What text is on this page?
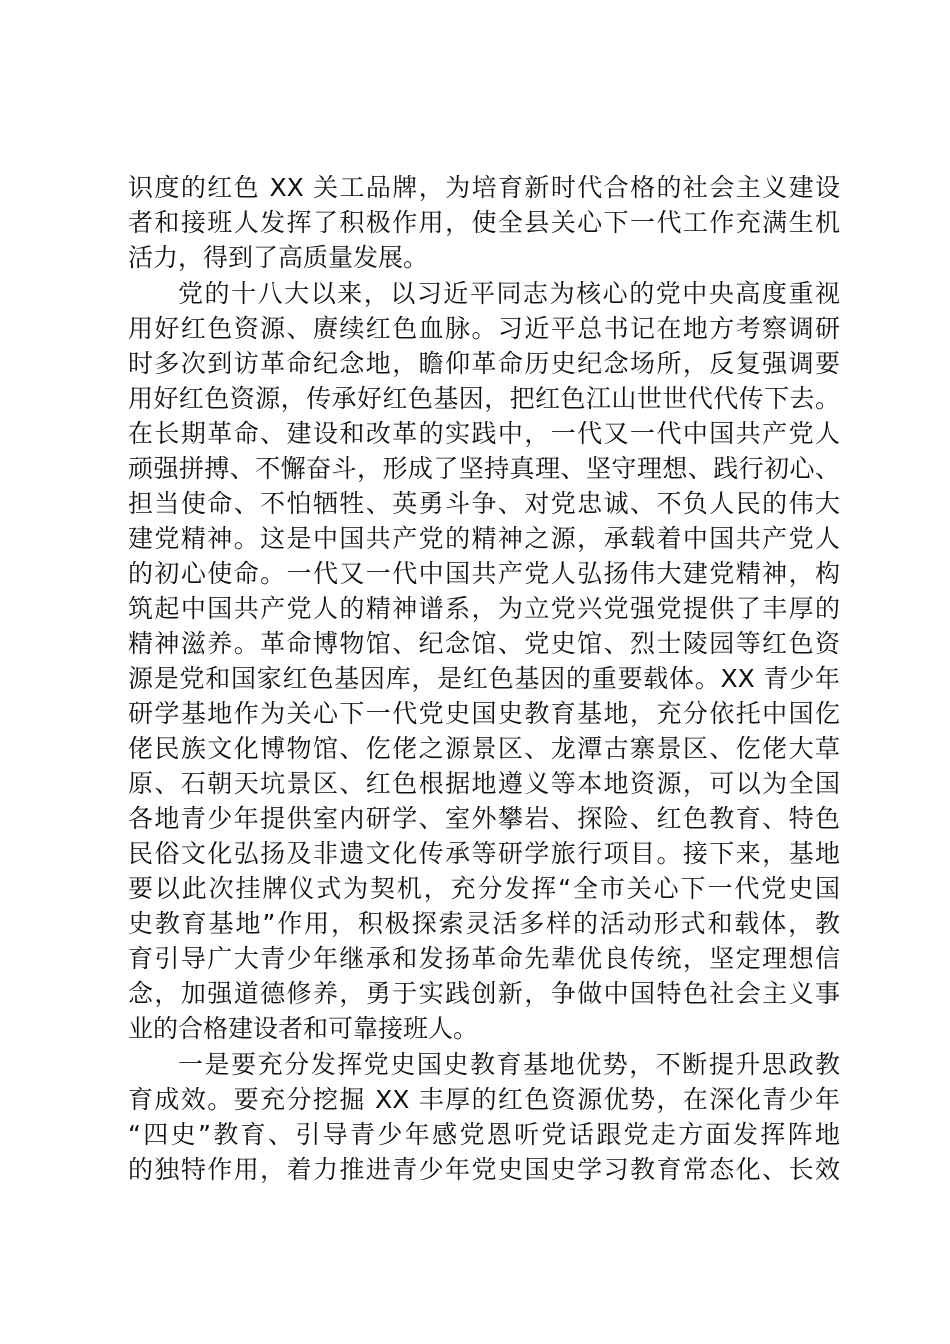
识度的红色 XX 关工品牌，为培育新时代合格的社会主义建设
者和接班人发挥了积极作用，使全县关心下一代工作充满生机
活力，得到了高质量发展。
党的十八大以来，以习近平同志为核心的党中央高度重视
用好红色资源、赓续红色血脉。习近平总书记在地方考察调研
时多次到访革命纪念地，瞻仰革命历史纪念场所，反复强调要
用好红色资源，传承好红色基因，把红色江山世世代代传下去。
在长期革命、建设和改革的实践中，一代又一代中国共产党人
顽强拼搏、不懈奋斗，形成了坚持真理、坚守理想、践行初心、
担当使命、不怕牺牲、英勇斗争、对党忠诚、不负人民的伟大
建党精神。这是中国共产党的精神之源，承载着中国共产党人
的初心使命。一代又一代中国共产党人弘扬伟大建党精神，构
筑起中国共产党人的精神谱系，为立党兴党强党提供了丰厚的
精神滋养。革命博物馆、纪念馆、党史馆、烈士陵园等红色资
源是党和国家红色基因库，是红色基因的重要载体。XX 青少年
研学基地作为关心下一代党史国史教育基地，充分依托中国仡
佬民族文化博物馆、仡佬之源景区、龙潭古寨景区、仡佬大草
原、石朝天坑景区、红色根据地遵义等本地资源，可以为全国
各地青少年提供室内研学、室外攀岩、探险、红色教育、特色
民俗文化弘扬及非遗文化传承等研学旅行项目。接下来，基地
要以此次挂牌仪式为契机，充分发挥“全市关心下一代党史国
史教育基地”作用，积极探索灵活多样的活动形式和载体，教
育引导广大青少年继承和发扬革命先辈优良传统，坚定理想信
念，加强道德修养，勇于实践创新，争做中国特色社会主义事
业的合格建设者和可靠接班人。
一是要充分发挥党史国史教育基地优势，不断提升思政教
育成效。要充分挖掘 XX 丰厚的红色资源优势，在深化青少年
“四史”教育、引导青少年感党恩听党话跟党走方面发挥阵地
的独特作用，着力推进青少年党史国史学习教育常态化、长效
